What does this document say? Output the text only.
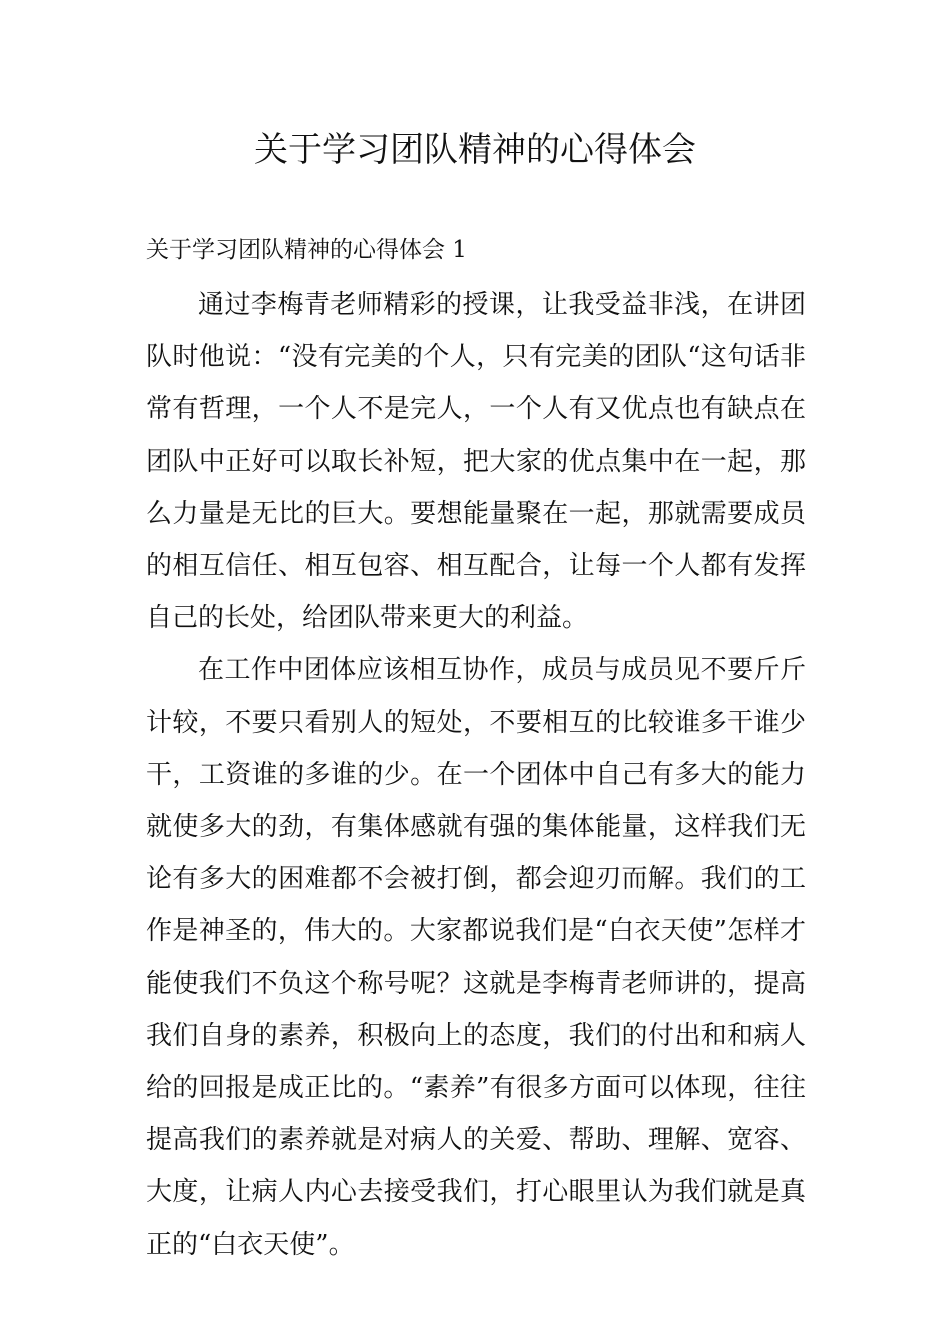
关于学习团队精神的心得体会
关于学习团队精神的心得体会 1

通过李梅青老师精彩的授课，让我受益非浅，在讲团队时他说：“没有完美的个人，只有完美的团队“这句话非常有哲理，一个人不是完人，一个人有又优点也有缺点在团队中正好可以取长补短，把大家的优点集中在一起，那么力量是无比的巨大。要想能量聚在一起，那就需要成员的相互信任、相互包容、相互配合，让每一个人都有发挥自己的长处，给团队带来更大的利益。

在工作中团体应该相互协作，成员与成员见不要斤斤计较，不要只看别人的短处，不要相互的比较谁多干谁少干，工资谁的多谁的少。在一个团体中自己有多大的能力就使多大的劲，有集体感就有强的集体能量，这样我们无论有多大的困难都不会被打倒，都会迎刃而解。我们的工作是神圣的，伟大的。大家都说我们是“白衣天使”怎样才能使我们不负这个称号呢？这就是李梅青老师讲的，提高我们自身的素养，积极向上的态度，我们的付出和和病人给的回报是成正比的。“素养”有很多方面可以体现，往往提高我们的素养就是对病人的关爱、帮助、理解、宽容、大度，让病人内心去接受我们，打心眼里认为我们就是真正的“白衣天使”。
